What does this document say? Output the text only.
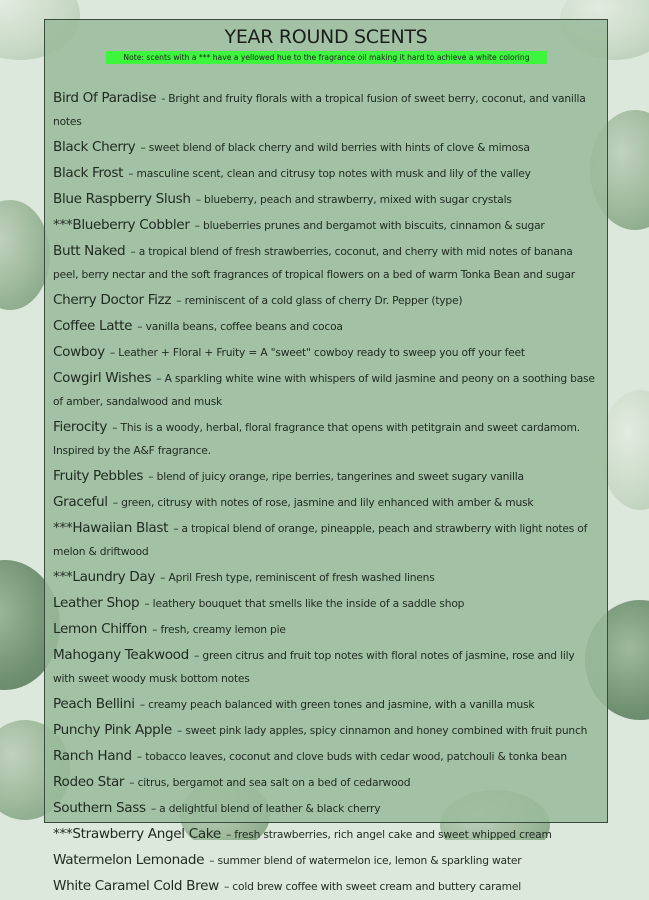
YEAR ROUND SCENTS
Note: scents with a *** have a yellowed hue to the fragrance oil making it hard to achieve a white coloring
Bird Of Paradise - Bright and fruity florals with a tropical fusion of sweet berry, coconut, and vanilla notes
Black Cherry – sweet blend of black cherry and wild berries with hints of clove & mimosa
Black Frost – masculine scent, clean and citrusy top notes with musk and lily of the valley
Blue Raspberry Slush – blueberry, peach and strawberry, mixed with sugar crystals
***Blueberry Cobbler – blueberries prunes and bergamot with biscuits, cinnamon & sugar
Butt Naked – a tropical blend of fresh strawberries, coconut, and cherry with mid notes of banana peel, berry nectar and the soft fragrances of tropical flowers on a bed of warm Tonka Bean and sugar
Cherry Doctor Fizz – reminiscent of a cold glass of cherry Dr. Pepper (type)
Coffee Latte – vanilla beans, coffee beans and cocoa
Cowboy – Leather + Floral + Fruity = A "sweet" cowboy ready to sweep you off your feet
Cowgirl Wishes – A sparkling white wine with whispers of wild jasmine and peony on a soothing base of amber, sandalwood and musk
Fierocity – This is a woody, herbal, floral fragrance that opens with petitgrain and sweet cardamom. Inspired by the A&F fragrance.
Fruity Pebbles – blend of juicy orange, ripe berries, tangerines and sweet sugary vanilla
Graceful – green, citrusy with notes of rose, jasmine and lily enhanced with amber & musk
***Hawaiian Blast – a tropical blend of orange, pineapple, peach and strawberry with light notes of melon & driftwood
***Laundry Day – April Fresh type, reminiscent of fresh washed linens
Leather Shop – leathery bouquet that smells like the inside of a saddle shop
Lemon Chiffon – fresh, creamy lemon pie
Mahogany Teakwood – green citrus and fruit top notes with floral notes of jasmine, rose and lily with sweet woody musk bottom notes
Peach Bellini – creamy peach balanced with green tones and jasmine, with a vanilla musk
Punchy Pink Apple – sweet pink lady apples, spicy cinnamon and honey combined with fruit punch
Ranch Hand – tobacco leaves, coconut and clove buds with cedar wood, patchouli & tonka bean
Rodeo Star – citrus, bergamot and sea salt on a bed of cedarwood
Southern Sass – a delightful blend of leather & black cherry
***Strawberry Angel Cake – fresh strawberries, rich angel cake and sweet whipped cream
Watermelon Lemonade – summer blend of watermelon ice, lemon & sparkling water
White Caramel Cold Brew – cold brew coffee with sweet cream and buttery caramel
